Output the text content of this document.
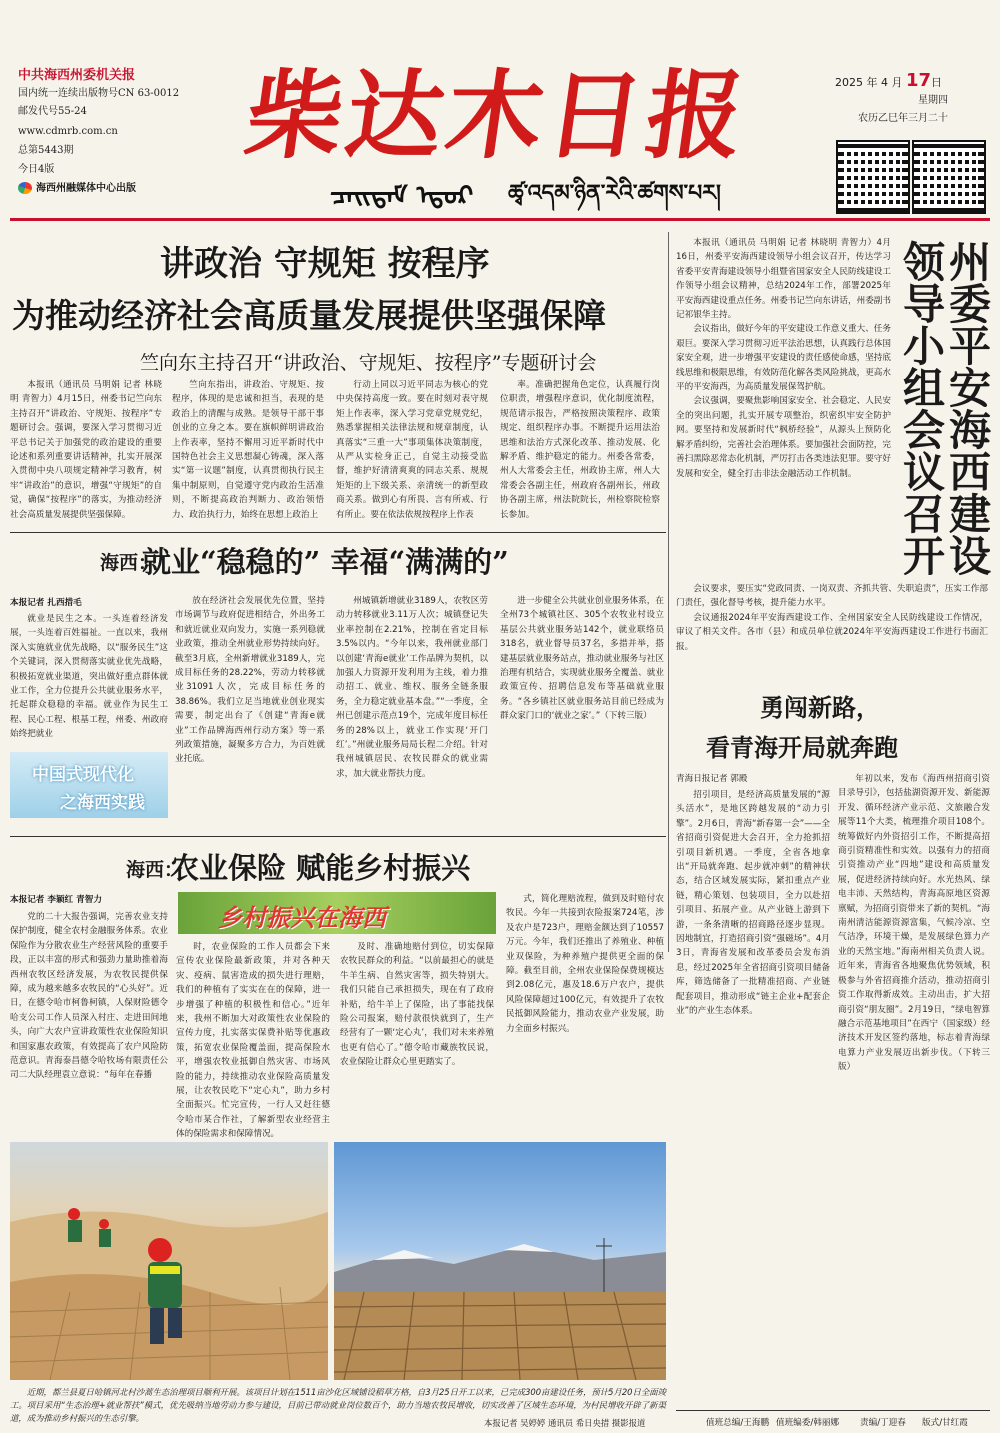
中共海西州委机关报
国内统一连续出版物号CN 63-0012
邮发代号55-24
www.cdmrb.com.cn
总第5443期
今日4版
海西州融媒体中心出版
柴达木日报
ᠴᠠᠢᠳᠠᠮ ᠡᠳᠦᠷ ཚྭ་འདམ་ཉིན་རེའི་ཚགས་པར།
2025 年 4 月 17日
星期四
农历乙巳年三月二十
讲政治 守规矩 按程序
为推动经济社会高质量发展提供坚强保障
竺向东主持召开“讲政治、守规矩、按程序”专题研讨会

本报讯（通讯员 马明娟 记者 林晓明 青智力）4月15日，州委书记竺向东主持召开“讲政治、守规矩、按程序”专题研讨会。强调，要深入学习贯彻习近平总书记关于加强党的政治建设的重要论述和系列重要讲话精神，扎实开展深入贯彻中央八项规定精神学习教育，树牢“讲政治”的意识，增强“守规矩”的自觉，确保“按程序”的落实，为推动经济社会高质量发展提供坚强保障。

竺向东指出，讲政治、守规矩、按程序，体现的是忠诚和担当，表现的是政治上的清醒与成熟。是领导干部干事创业的立身之本。要在旗帜鲜明讲政治上作表率，坚持不懈用习近平新时代中国特色社会主义思想凝心铸魂，深入落实“第一议题”制度，认真贯彻执行民主集中制原则，自觉遵守党内政治生活准则，不断提高政治判断力、政治领悟力、政治执行力，始终在思想上政治上

行动上同以习近平同志为核心的党中央保持高度一致。要在时刻对表守规矩上作表率，深入学习党章党规党纪，熟悉掌握相关法律法规和规章制度，认真落实“三重一大”事项集体决策制度，从严从实检身正己，自觉主动接受监督，维护好清清爽爽的同志关系、规规矩矩的上下级关系、亲清统一的新型政商关系。做到心有所畏、言有所戒、行有所止。要在依法依规按程序上作表

率。准确把握角色定位，认真履行岗位职责，增强程序意识，优化制度流程，规范请示报告，严格按照决策程序、政策规定、组织程序办事。不断提升运用法治思维和法治方式深化改革、推动发展、化解矛盾、维护稳定的能力。州委各常委，州人大常委会主任，州政协主席，州人大常委会各副主任，州政府各副州长，州政协各副主席，州法院院长，州检察院检察长参加。

本报讯（通讯员 马明娟 记者 林晓明 青智力）4月16日，州委平安海西建设领导小组会议召开，传达学习省委平安青海建设领导小组暨省国家安全人民防线建设工作领导小组会议精神，总结2024年工作，部署2025年平安海西建设重点任务。州委书记竺向东讲话，州委副书记祁银华主持。

会议指出，做好今年的平安建设工作意义重大、任务艰巨。要深入学习贯彻习近平法治思想，认真践行总体国家安全观，进一步增强平安建设的责任感使命感，坚持底线思维和极限思维，有效防范化解各类风险挑战，更高水平的平安海西，为高质量发展保驾护航。

会议强调，要聚焦影响国家安全、社会稳定、人民安全的突出问题，扎实开展专项整治，织密织牢安全防护网。要坚持和发展新时代“枫桥经验”，从源头上预防化解矛盾纠纷，完善社会治理体系。要加强社会面防控，完善扫黑除恶常态化机制，严厉打击各类违法犯罪。要守好发展和安全，健全打击非法金融活动工作机制。	州委平安海西建设领导小组会议召开

会议要求，要压实“党政同责、一岗双责、齐抓共管、失职追责”，压实工作部门责任，强化督导考核，提升能力水平。

会议通报2024年平安海西建设工作、全州国家安全人民防线建设工作情况，审议了相关文件。各市（县）和成员单位就2024年平安海西建设工作进行书面汇报。

勇闯新路，
看青海开局就奔跑
青海日报记者 郭殿

招引项目，是经济高质量发展的“源头活水”，是地区跨越发展的“动力引擎”。2月6日，青海“新春第一会”——全省招商引资促进大会召开，全力抢抓招引项目新机遇。一季度，全省各地拿出“开局就奔跑、起步就冲刺”的精神状态，结合区域发展实际，紧扣重点产业链，精心策划、包装项目，全力以赴招引项目、拓展产业。从产业链上游到下游，一条条清晰的招商路径逐步显现。因地制宜，打造招商引资“强磁场”。4月3日，青海省发展和改革委员会发布消息，经过2025年全省招商引资项目储备库，筛选储备了一批精准招商、产业链配套项目，推动形成“链主企业+配套企业”的产业生态体系。

年初以来，发布《海西州招商引资目录导引》，包括盐湖资源开发、新能源开发、循环经济产业示范、文旅融合发展等11个大类，梳理推介项目108个。统筹做好内外资招引工作，不断提高招商引资精准性和实效。以强有力的招商引资推动产业“四地”建设和高质量发展，促进经济持续向好。水光热风、绿电丰沛、天然结构，青海高原地区资源禀赋，为招商引资带来了新的契机。“海南州清洁能源资源富集，气候冷凉、空气洁净，环境干燥，是发展绿色算力产业的天然宝地。”海南州相关负责人说。近年来，青海省各地聚焦优势领域，积极参与外省招商推介活动，推动招商引资工作取得新成效。主动出击，扩大招商引资“朋友圈”。2月19日，“绿电智算融合示范基地项目”在西宁（国家级）经济技术开发区签约落地，标志着青海绿电算力产业发展迈出新步伐。（下转三版）

海西：
就业“稳稳的” 幸福“满满的”
本报记者 扎西措毛

就业是民生之本。一头连着经济发展，一头连着百姓福祉。一直以来，我州深入实施就业优先战略，以“服务民生”这个关键词，深入贯彻落实就业优先战略，积极拓宽就业渠道，突出做好重点群体就业工作，全力位提升公共就业服务水平，托起群众稳稳的幸福。就业作为民生工程、民心工程、根基工程，州委、州政府始终把就业

中国式现代化
之海西实践

放在经济社会发展优先位置，坚持市场调节与政府促进相结合，外出务工和就近就业双向发力，实施一系列稳就业政策，推动全州就业形势持续向好。截至3月底，全州新增就业3189人，完成目标任务的28.22%，劳动力转移就业31091人次，完成目标任务的38.86%。我们立足当地就业创业现实需要，制定出台了《创建“青海e就业”工作品牌海西州行动方案》等一系列政策措施，凝聚多方合力，为百姓就业托底。

州城镇新增就业3189人，农牧区劳动力转移就业3.11万人次；城镇登记失业率控制在2.21%，控制在省定目标3.5%以内。“今年以来，我州就业部门以创建‘青海e就业’工作品牌为契机，以加强人力资源开发利用为主线，着力推动招工、就业、维权、服务全链条服务，全力稳定就业基本盘。”“一季度，全州已创建示范点19个，完成年度目标任务的28%以上，就业工作实现‘开门红’。”州就业服务局局长程二介绍。针对我州城镇居民、农牧民群众的就业需求，加大就业帮扶力度。

进一步健全公共就业创业服务体系，在全州73个城镇社区、305个农牧业村设立基层公共就业服务站142个，就业联络员318名，就业督导员37名，多措并举，搭建基层就业服务站点，推动就业服务与社区治理有机结合，实现就业服务全覆盖、就业政策宣传、招聘信息发布等基础就业服务。“各乡镇社区就业服务站目前已经成为群众家门口的‘就业之家’。”（下转三版）

海西：
农业保险 赋能乡村振兴
本报记者 李颖红 青智力
乡村振兴在海西

党的二十大报告强调，完善农业支持保护制度，健全农村金融服务体系。农业保险作为分散农业生产经营风险的重要手段，正以丰富的形式和强劲力量助推着海西州农牧区经济发展，为农牧民提供保障，成为越来越多农牧民的“心头好”。近日，在德令哈市柯鲁柯镇，人保财险德令哈支公司工作人员深入村庄、走进田间地头，向广大农户宣讲政策性农业保险知识和国家惠农政策，有效提高了农户风险防范意识。青海泰昌德令哈牧场有限责任公司二大队经理袁立意说：“每年在春播

时，农业保险的工作人员都会下来宣传农业保险最新政策，并对各种天灾、疫病、鼠害造成的损失进行理赔，我们的种植有了实实在在的保障，进一步增强了种植的积极性和信心。”近年来，我州不断加大对政策性农业保险的宣传力度，扎实落实保费补贴等优惠政策，拓宽农业保险覆盖面，提高保险水平，增强农牧业抵御自然灾害、市场风险的能力，持续推动农业保险高质量发展，让农牧民吃下“定心丸”，助力乡村全面振兴。忙完宣传，一行人又赶往德令哈市某合作社，了解新型农业经营主体的保险需求和保障情况。

及时、准确地赔付到位，切实保障农牧民群众的利益。“以前最担心的就是牛羊生病、自然灾害等，损失特别大。我们只能自己承担损失，现在有了政府补贴，给牛羊上了保险，出了事能找保险公司报案，赔付款很快就到了，生产经营有了一颗‘定心丸’，我们对未来养殖也更有信心了。”德令哈市藏族牧民说，农业保险让群众心里更踏实了。

式，简化理赔流程，做到及时赔付农牧民。今年一共接到农险报案724笔，涉及农户是723户，理赔金额达到了10557万元。今年，我们还推出了养殖业、种植业双保险，为种养殖户提供更全面的保障。截至目前，全州农业保险保费规模达到2.08亿元，惠及18.6万户农户，提供风险保障超过100亿元，有效提升了农牧民抵御风险能力，推动农业产业发展，助力全面乡村振兴。

近期，都兰县夏日哈镇河北村沙蒿生态治理项目顺利开展。该项目计划在1511亩沙化区域铺设稻草方格，自3月25日开工以来，已完成300亩建设任务，预计5月20日全面竣工。项目采用“生态治理+就业帮扶”模式，优先吸纳当地劳动力参与建设，目前已带动就业岗位数百个，助力当地农牧民增收，切实改善了区域生态环境，为村民增收开辟了新渠道，成为推动乡村振兴的生态引擎。	本报记者 吴婷婷 通讯员 希日央措 摄影报道	值班总编/王海鹏 值班编委/韩丽娜 责编/丁迎春 版式/甘红霞
